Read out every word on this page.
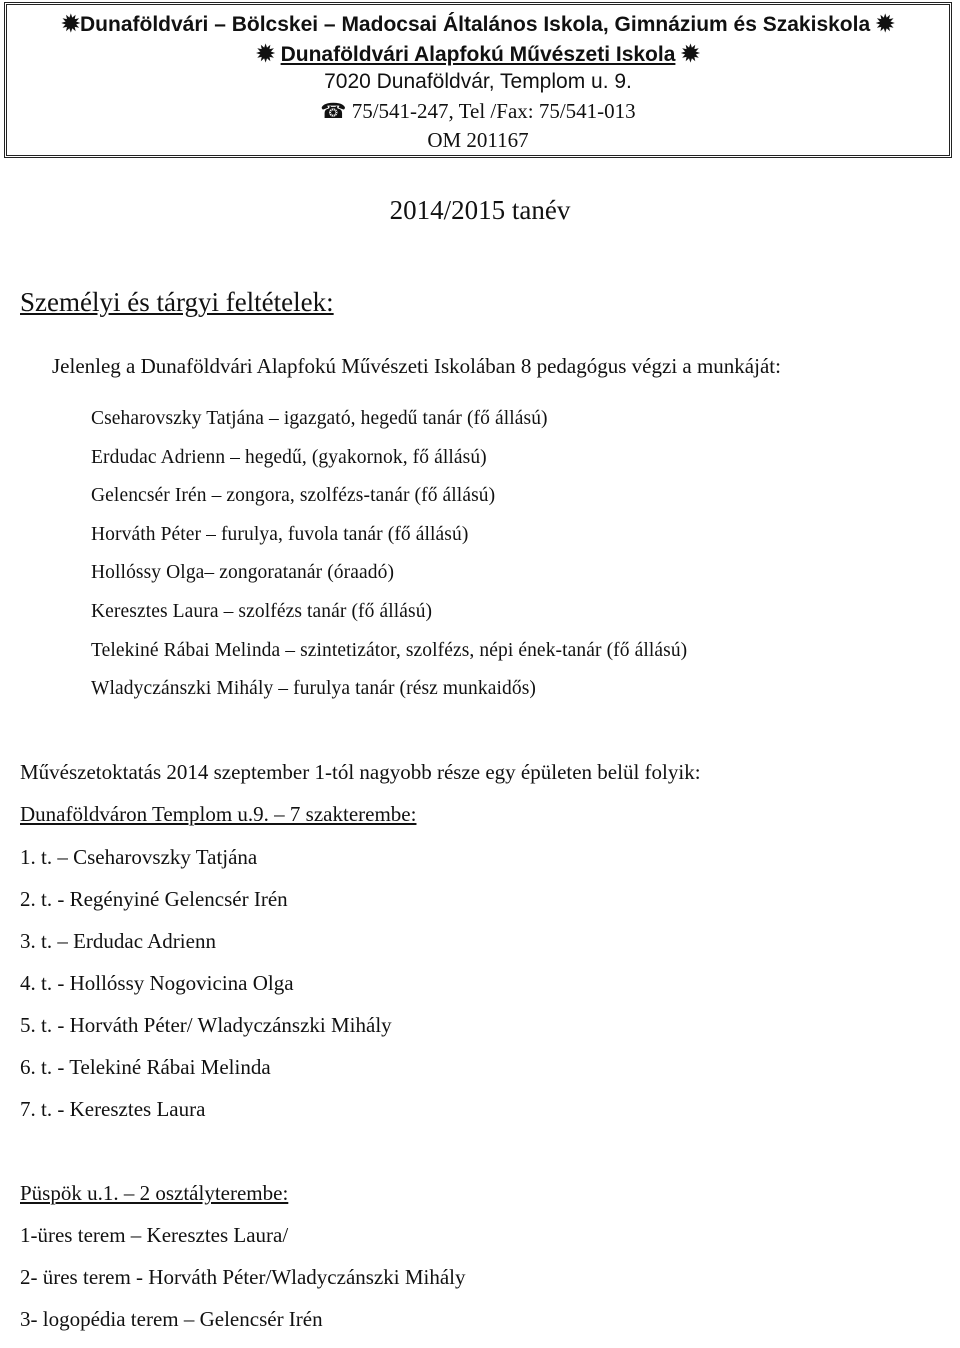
✹Dunaföldvári – Bölcskei – Madocsai Általános Iskola, Gimnázium és Szakiskola ✹
✹ Dunaföldvári Alapfokú Művészeti Iskola ✹
7020 Dunaföldvár, Templom u. 9.
☎ 75/541-247, Tel /Fax: 75/541-013
OM 201167
2014/2015 tanév
Személyi és tárgyi feltételek:
Jelenleg a Dunaföldvári Alapfokú Művészeti Iskolában 8 pedagógus végzi a munkáját:
Cseharovszky Tatjána – igazgató, hegedű tanár (fő állású)
Erdudac Adrienn – hegedű, (gyakornok, fő állású)
Gelencsér Irén – zongora, szolfézs-tanár (fő állású)
Horváth Péter – furulya, fuvola tanár (fő állású)
Hollóssy Olga– zongoratanár (óraadó)
Keresztes Laura – szolfézs tanár (fő állású)
Telekiné Rábai Melinda – szintetizátor, szolfézs, népi ének-tanár (fő állású)
Wladyczánszki Mihály – furulya tanár (rész munkaidős)
Művészetoktatás 2014 szeptember 1-tól nagyobb része egy épületen belül folyik:
Dunaföldváron Templom u.9. – 7 szakterembe:
1. t. – Cseharovszky Tatjána
2. t. - Regényiné Gelencsér Irén
3. t. – Erdudac Adrienn
4. t. - Hollóssy Nogovicina Olga
5. t. - Horváth Péter/ Wladyczánszki Mihály
6. t. - Telekiné Rábai Melinda
7. t. - Keresztes Laura
Püspök u.1. – 2 osztályterembe:
1-üres terem – Keresztes Laura/
2- üres terem - Horváth Péter/Wladyczánszki Mihály
3- logopédia terem – Gelencsér Irén
